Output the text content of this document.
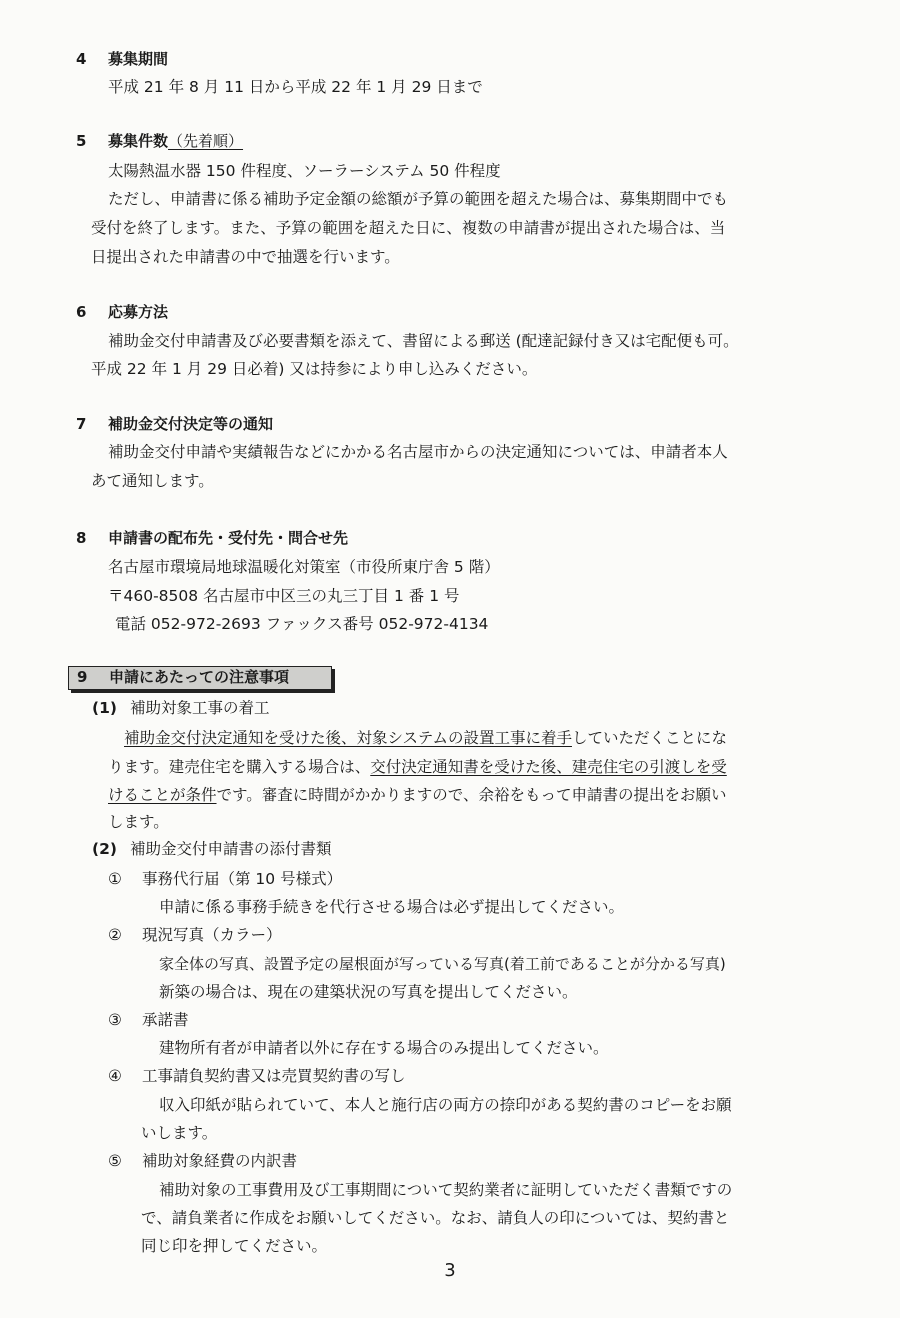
4 募集期間
平成 21 年 8 月 11 日から平成 22 年 1 月 29 日まで
5 募集件数（先着順）
太陽熱温水器 150 件程度、ソーラーシステム 50 件程度
ただし、申請書に係る補助予定金額の総額が予算の範囲を超えた場合は、募集期間中でも
受付を終了します。また、予算の範囲を超えた日に、複数の申請書が提出された場合は、当
日提出された申請書の中で抽選を行います。
6 応募方法
補助金交付申請書及び必要書類を添えて、書留による郵送 (配達記録付き又は宅配便も可。
平成 22 年 1 月 29 日必着) 又は持参により申し込みください。
7 補助金交付決定等の通知
補助金交付申請や実績報告などにかかる名古屋市からの決定通知については、申請者本人
あて通知します。
8 申請書の配布先・受付先・問合せ先
名古屋市環境局地球温暖化対策室（市役所東庁舎 5 階）
〒460-8508 名古屋市中区三の丸三丁目 1 番 1 号
電話 052-972-2693 ファックス番号 052-972-4134
9 申請にあたっての注意事項
(1) 補助対象工事の着工
補助金交付決定通知を受けた後、対象システムの設置工事に着手していただくことにな
ります。建売住宅を購入する場合は、交付決定通知書を受けた後、建売住宅の引渡しを受
けることが条件です。審査に時間がかかりますので、余裕をもって申請書の提出をお願い
します。
(2) 補助金交付申請書の添付書類
① 事務代行届（第 10 号様式）
申請に係る事務手続きを代行させる場合は必ず提出してください。
② 現況写真（カラー）
家全体の写真、設置予定の屋根面が写っている写真(着工前であることが分かる写真)
新築の場合は、現在の建築状況の写真を提出してください。
③ 承諾書
建物所有者が申請者以外に存在する場合のみ提出してください。
④ 工事請負契約書又は売買契約書の写し
収入印紙が貼られていて、本人と施行店の両方の捺印がある契約書のコピーをお願
いします。
⑤ 補助対象経費の内訳書
補助対象の工事費用及び工事期間について契約業者に証明していただく書類ですの
で、請負業者に作成をお願いしてください。なお、請負人の印については、契約書と
同じ印を押してください。
3
